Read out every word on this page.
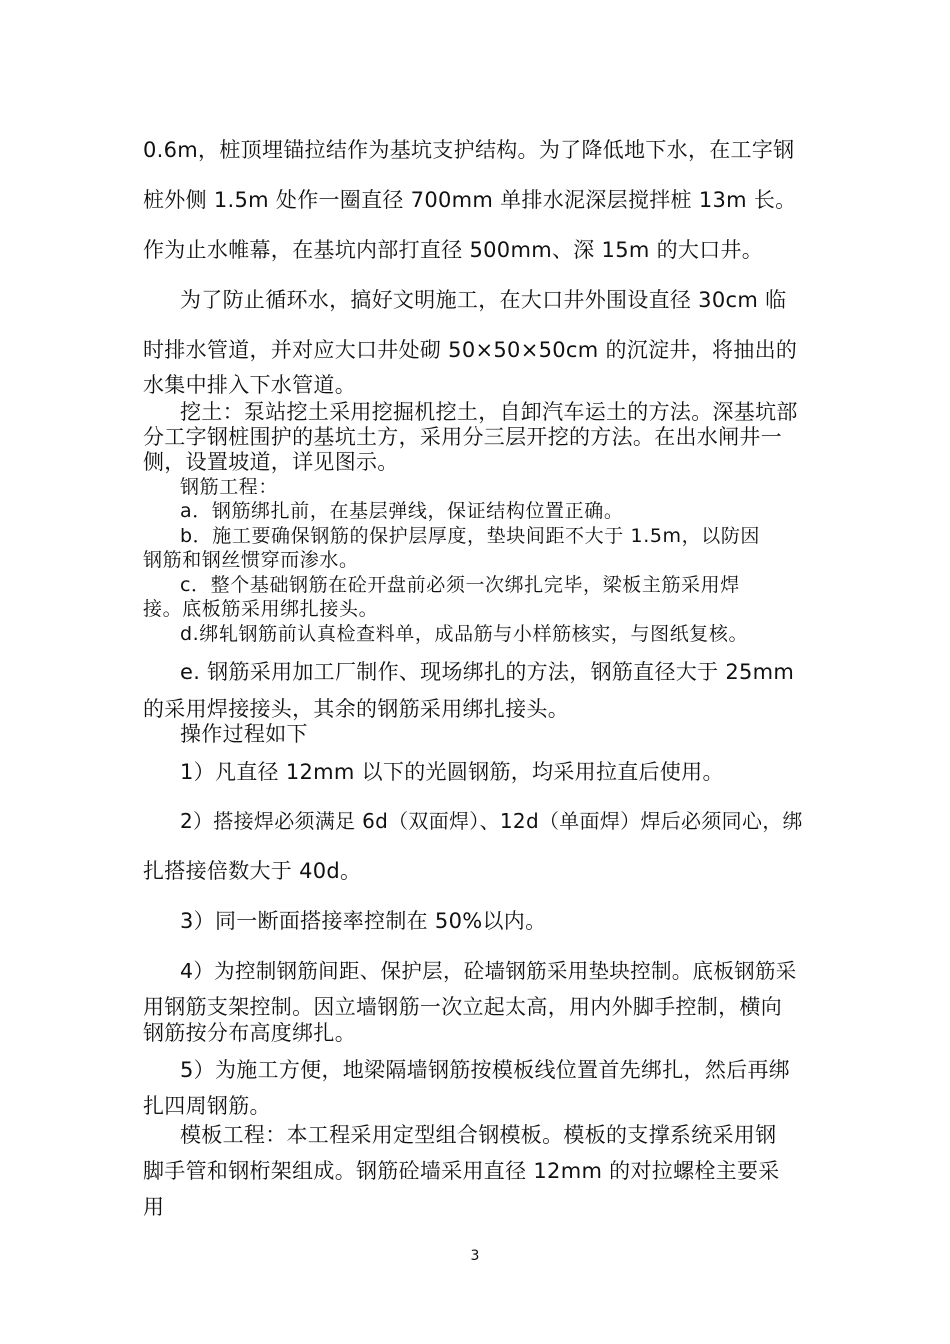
0.6m，桩顶埋锚拉结作为基坑支护结构。为了降低地下水，在工字钢

桩外侧 1.5m 处作一圈直径 700mm 单排水泥深层搅拌桩 13m 长。

作为止水帷幕，在基坑内部打直径 500mm、深 15m 的大口井。

为了防止循环水，搞好文明施工，在大口井外围设直径 30cm 临

时排水管道，并对应大口井处砌 50×50×50cm 的沉淀井，将抽出的

水集中排入下水管道。

挖土：泵站挖土采用挖掘机挖土，自卸汽车运土的方法。深基坑部

分工字钢桩围护的基坑土方，采用分三层开挖的方法。在出水闸井一

侧，设置坡道，详见图示。

钢筋工程：

a．钢筋绑扎前，在基层弹线，保证结构位置正确。

b．施工要确保钢筋的保护层厚度，垫块间距不大于 1.5m，以防因

钢筋和钢丝惯穿而渗水。

c．整个基础钢筋在砼开盘前必须一次绑扎完毕，梁板主筋采用焊

接。底板筋采用绑扎接头。

d.绑轧钢筋前认真检查料单，成品筋与小样筋核实，与图纸复核。

e. 钢筋采用加工厂制作、现场绑扎的方法，钢筋直径大于 25mm

的采用焊接接头，其余的钢筋采用绑扎接头。

操作过程如下

1）凡直径 12mm 以下的光圆钢筋，均采用拉直后使用。

2）搭接焊必须满足 6d（双面焊）、12d（单面焊）焊后必须同心，绑

扎搭接倍数大于 40d。

3）同一断面搭接率控制在 50%以内。

4）为控制钢筋间距、保护层，砼墙钢筋采用垫块控制。底板钢筋采

用钢筋支架控制。因立墙钢筋一次立起太高，用内外脚手控制，横向

钢筋按分布高度绑扎。

5）为施工方便，地梁隔墙钢筋按模板线位置首先绑扎，然后再绑

扎四周钢筋。

模板工程：本工程采用定型组合钢模板。模板的支撑系统采用钢

脚手管和钢桁架组成。钢筋砼墙采用直径 12mm 的对拉螺栓主要采

用

3
